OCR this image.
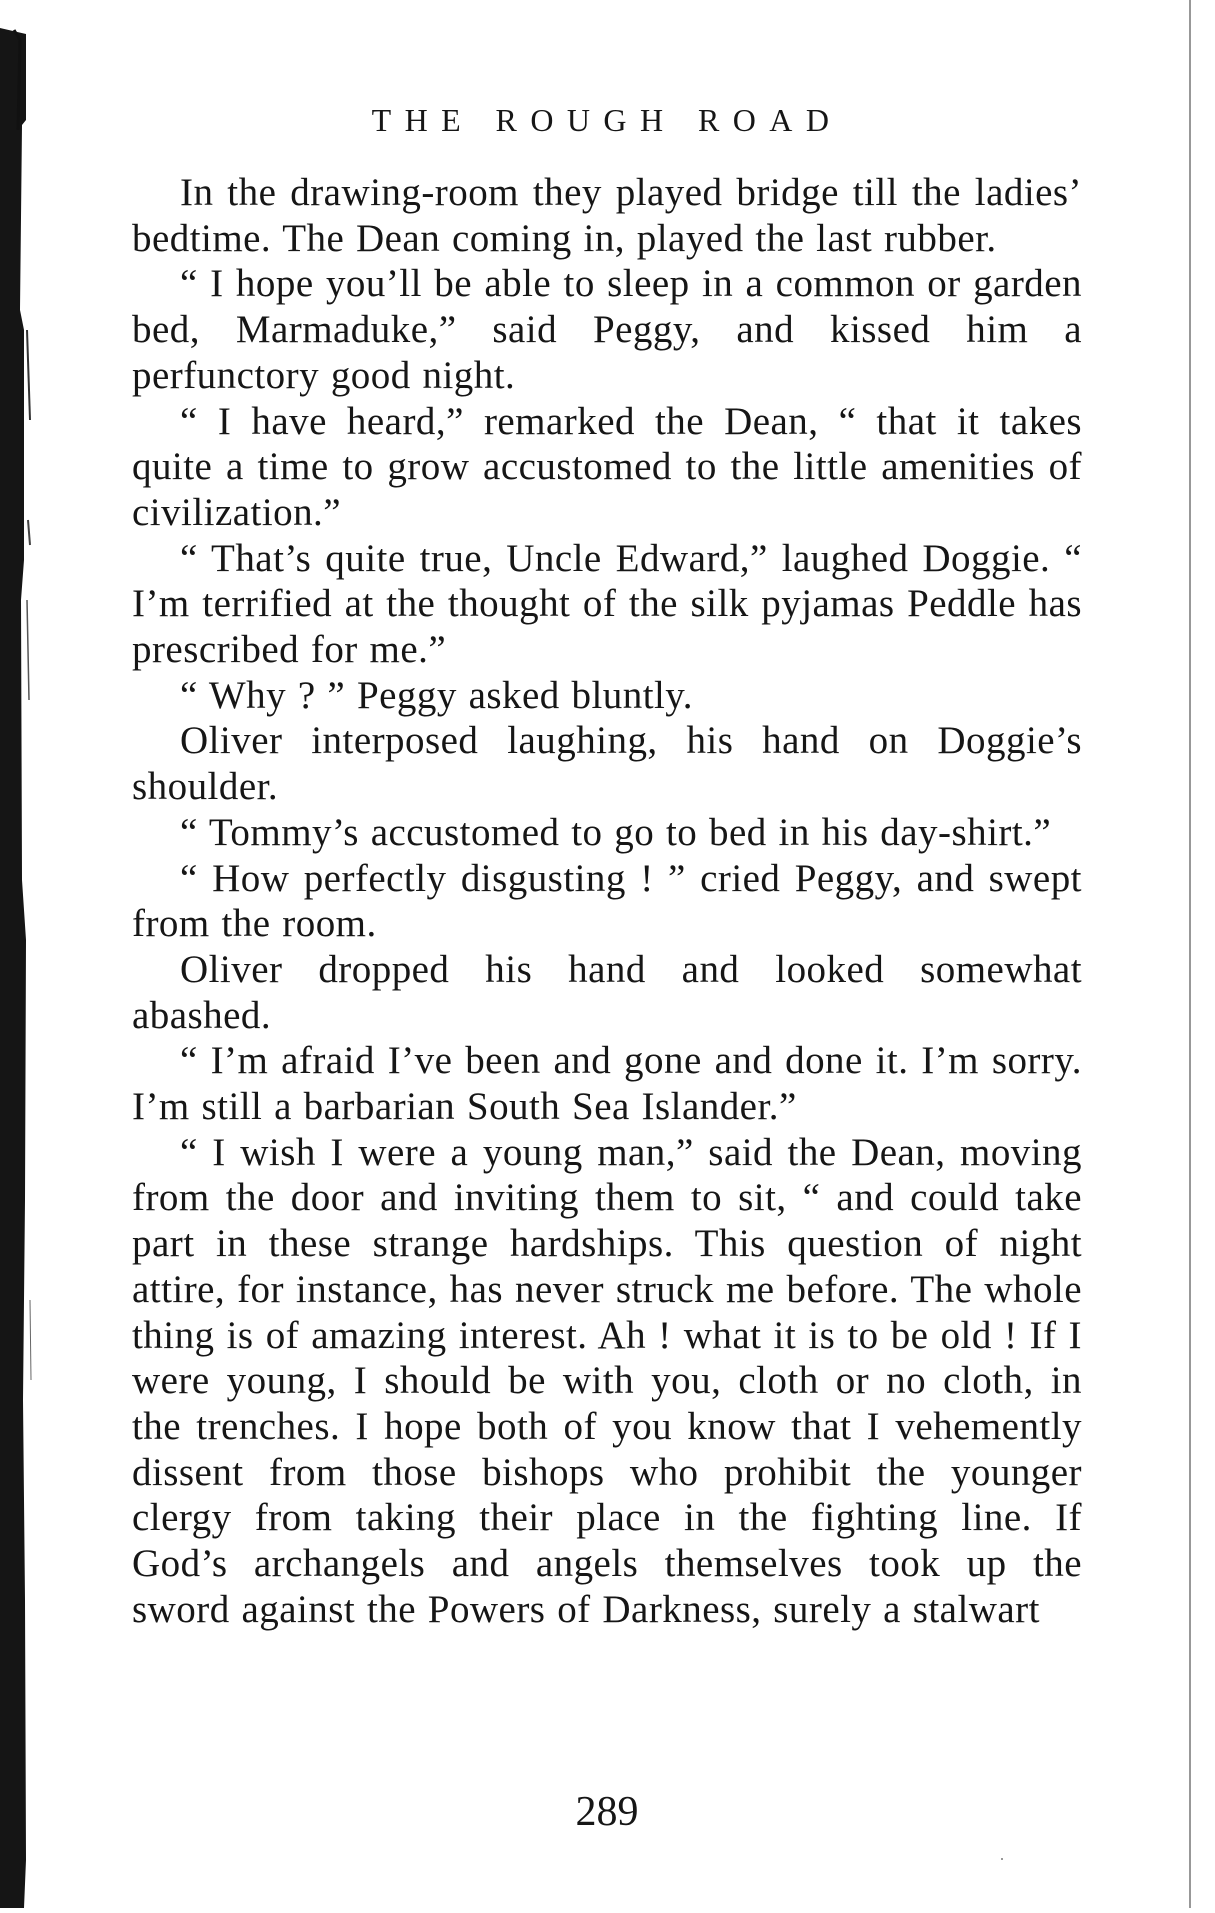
THE ROUGH ROAD

In the drawing-room they played bridge till the ladies’ bedtime. The Dean coming in, played the last rubber.

“ I hope you’ll be able to sleep in a common or garden bed, Marmaduke,” said Peggy, and kissed him a perfunctory good night.

“ I have heard,” remarked the Dean, “ that it takes quite a time to grow accustomed to the little amenities of civilization.”

“ That’s quite true, Uncle Edward,” laughed Doggie. “ I’m terrified at the thought of the silk pyjamas Peddle has prescribed for me.”

“ Why ? ” Peggy asked bluntly.

Oliver interposed laughing, his hand on Doggie’s shoulder.

“ Tommy’s accustomed to go to bed in his day-shirt.”

“ How perfectly disgusting ! ” cried Peggy, and swept from the room.

Oliver dropped his hand and looked somewhat abashed.

“ I’m afraid I’ve been and gone and done it. I’m sorry. I’m still a barbarian South Sea Islander.”

“ I wish I were a young man,” said the Dean, moving from the door and inviting them to sit, “ and could take part in these strange hardships. This question of night attire, for instance, has never struck me before. The whole thing is of amazing interest. Ah ! what it is to be old ! If I were young, I should be with you, cloth or no cloth, in the trenches. I hope both of you know that I vehemently dissent from those bishops who prohibit the younger clergy from taking their place in the fighting line. If God’s archangels and angels themselves took up the sword against the Powers of Darkness, surely a stalwart

289
